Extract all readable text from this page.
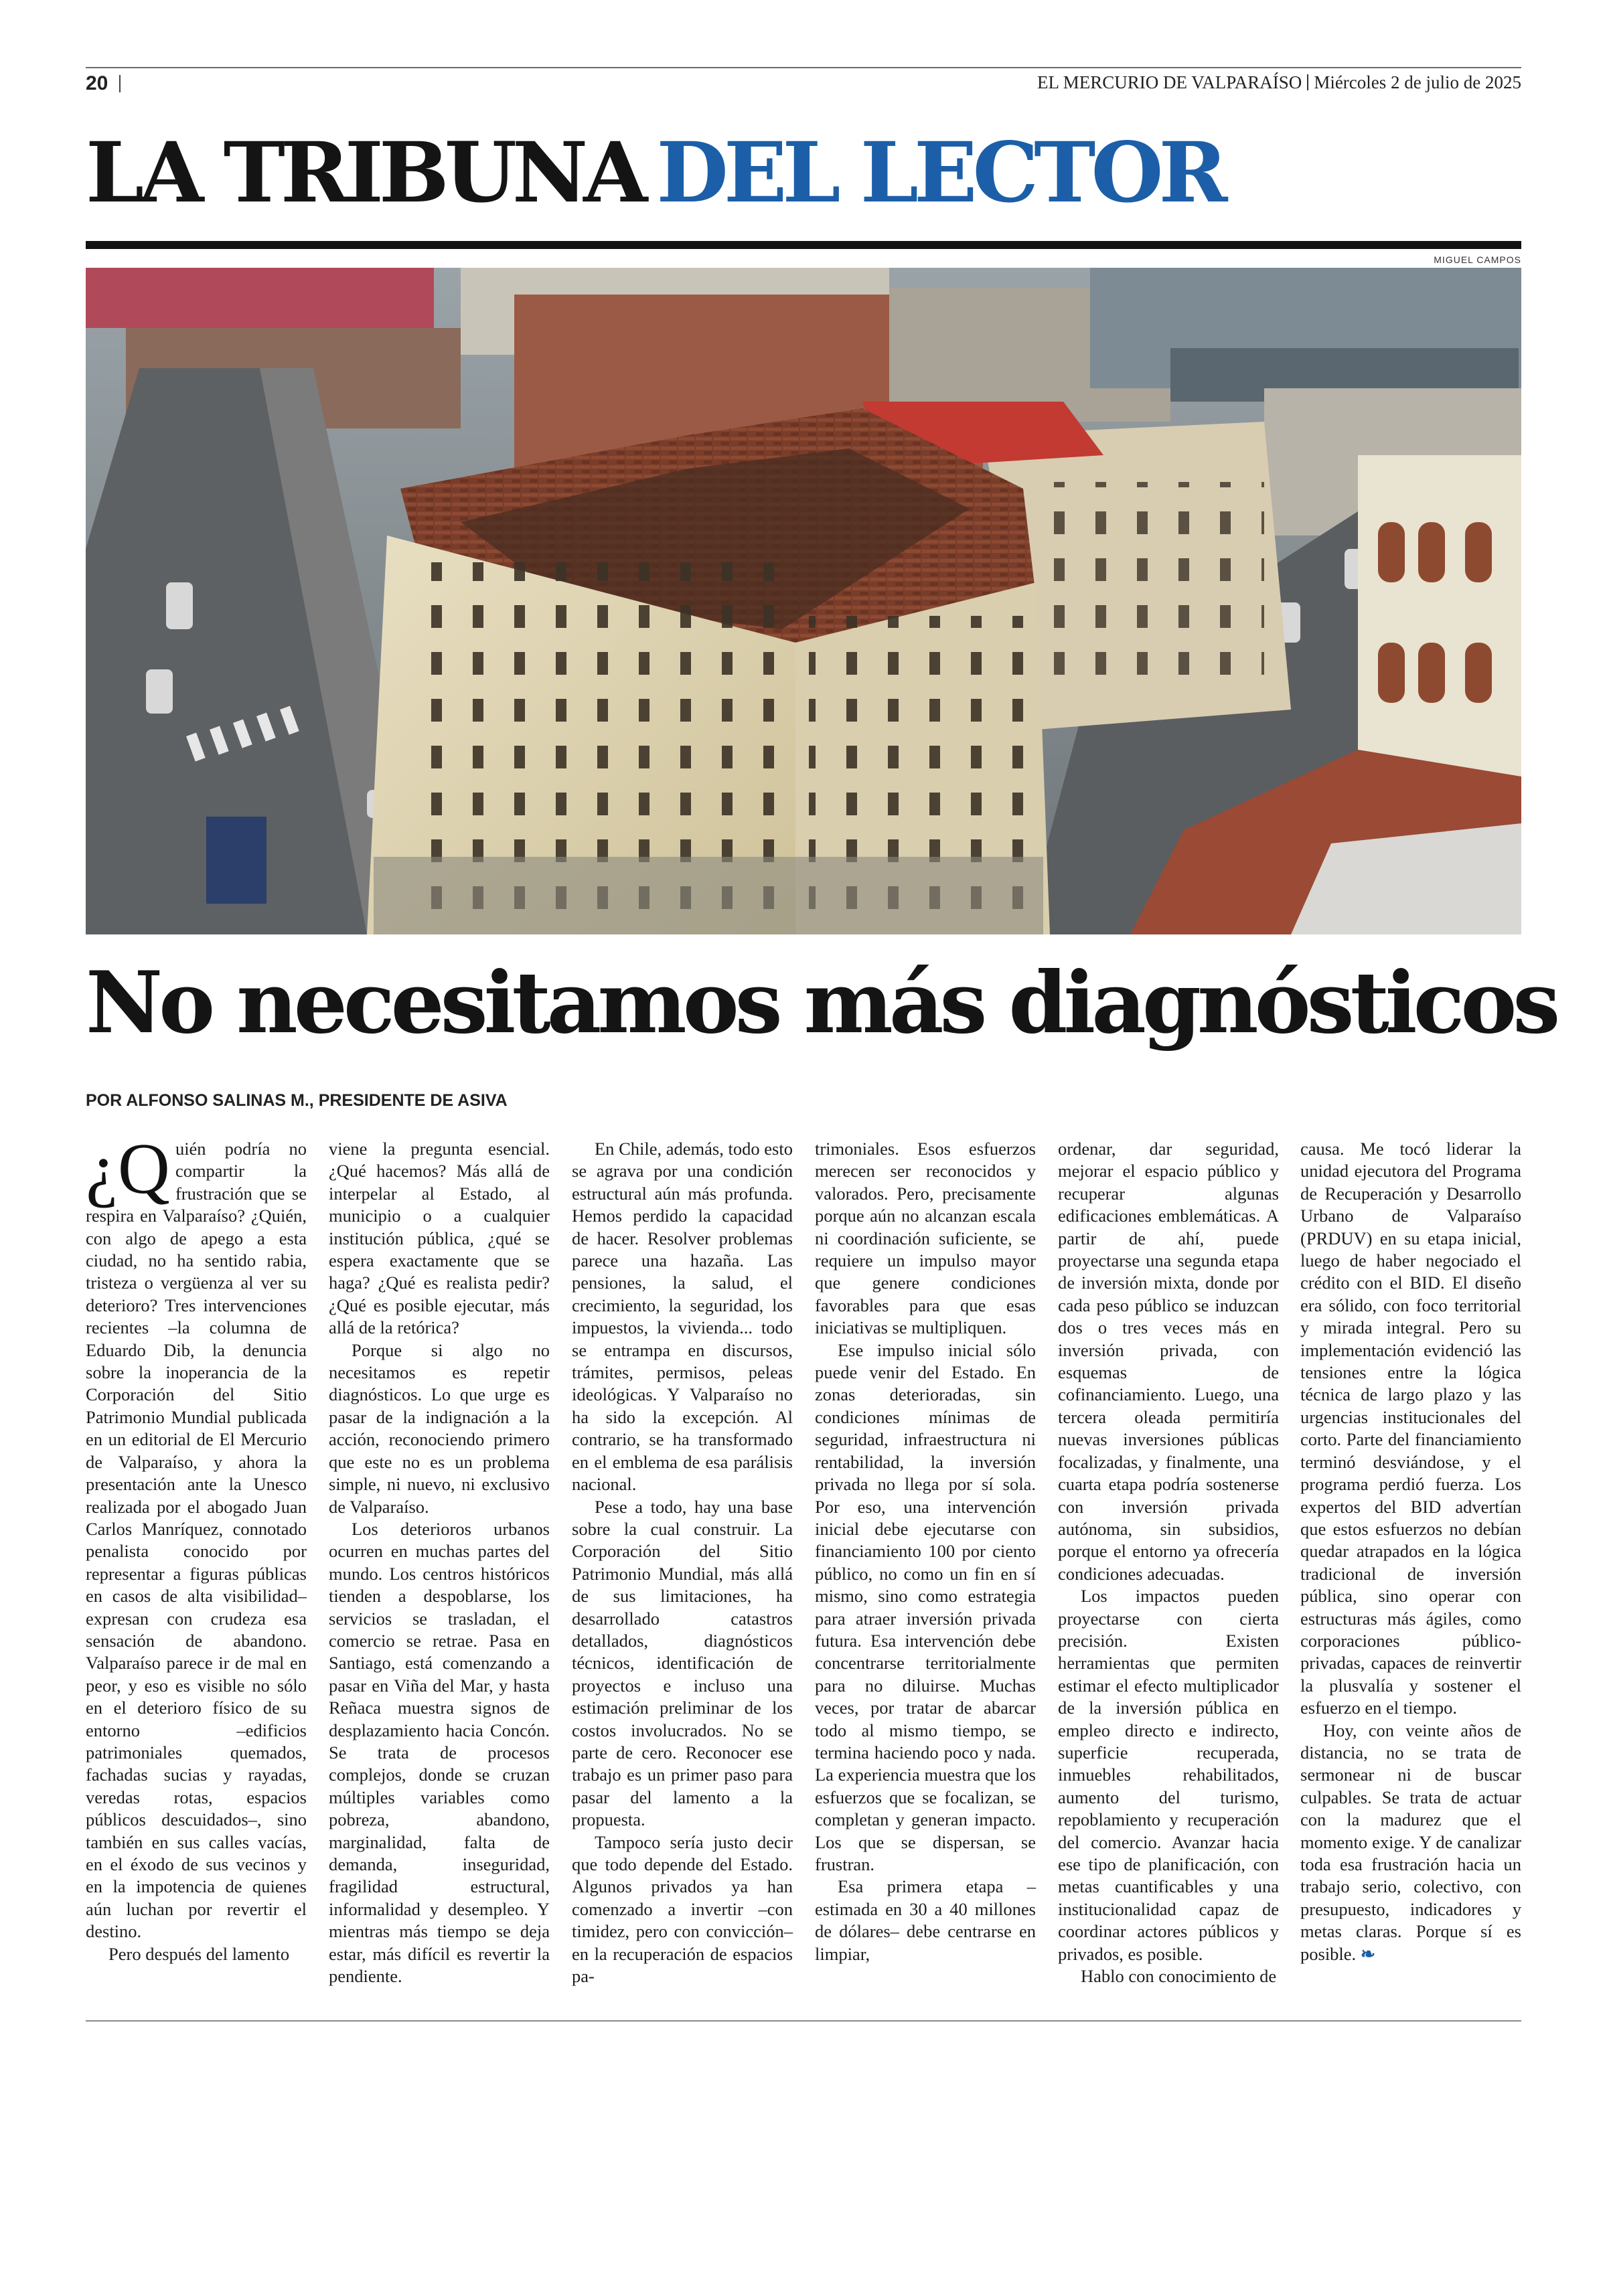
20	EL MERCURIO DE VALPARAÍSO Miércoles 2 de julio de 2025
LA TRIBUNA DEL LECTOR
MIGUEL CAMPOS
No necesitamos más diagnósticos
POR ALFONSO SALINAS M., PRESIDENTE DE ASIVA

¿Q uién podría no compartir la frustración que se respira en Valparaíso? ¿Quién, con algo de apego a esta ciudad, no ha sentido rabia, tristeza o vergüenza al ver su deterioro? Tres intervenciones recientes –la columna de Eduardo Dib, la denuncia sobre la inoperancia de la Corporación del Sitio Patrimonio Mundial publicada en un editorial de El Mercurio de Valparaíso, y ahora la presentación ante la Unesco realizada por el abogado Juan Carlos Manríquez, connotado penalista conocido por representar a figuras públicas en casos de alta visibilidad– expresan con crudeza esa sensación de abandono. Valparaíso parece ir de mal en peor, y eso es visible no sólo en el deterioro físico de su entorno –edificios patrimoniales quemados, fachadas sucias y rayadas, veredas rotas, espacios públicos descuidados–, sino también en sus calles vacías, en el éxodo de sus vecinos y en la impotencia de quienes aún luchan por revertir el destino.

Pero después del lamento

viene la pregunta esencial. ¿Qué hacemos? Más allá de interpelar al Estado, al municipio o a cualquier institución pública, ¿qué se espera exactamente que se haga? ¿Qué es realista pedir? ¿Qué es posible ejecutar, más allá de la retórica?

Porque si algo no necesitamos es repetir diagnósticos. Lo que urge es pasar de la indignación a la acción, reconociendo primero que este no es un problema simple, ni nuevo, ni exclusivo de Valparaíso.

Los deterioros urbanos ocurren en muchas partes del mundo. Los centros históricos tienden a despoblarse, los servicios se trasladan, el comercio se retrae. Pasa en Santiago, está comenzando a pasar en Viña del Mar, y hasta Reñaca muestra signos de desplazamiento hacia Concón. Se trata de procesos complejos, donde se cruzan múltiples variables como pobreza, abandono, marginalidad, falta de demanda, inseguridad, fragilidad estructural, informalidad y desempleo. Y mientras más tiempo se deja estar, más difícil es revertir la pendiente.

En Chile, además, todo esto se agrava por una condición estructural aún más profunda. Hemos perdido la capacidad de hacer. Resolver problemas parece una hazaña. Las pensiones, la salud, el crecimiento, la seguridad, los impuestos, la vivienda... todo se entrampa en discursos, trámites, permisos, peleas ideológicas. Y Valparaíso no ha sido la excepción. Al contrario, se ha transformado en el emblema de esa parálisis nacional.

Pese a todo, hay una base sobre la cual construir. La Corporación del Sitio Patrimonio Mundial, más allá de sus limitaciones, ha desarrollado catastros detallados, diagnósticos técnicos, identificación de proyectos e incluso una estimación preliminar de los costos involucrados. No se parte de cero. Reconocer ese trabajo es un primer paso para pasar del lamento a la propuesta.

Tampoco sería justo decir que todo depende del Estado. Algunos privados ya han comenzado a invertir –con timidez, pero con convicción– en la recuperación de espacios pa-

trimoniales. Esos esfuerzos merecen ser reconocidos y valorados. Pero, precisamente porque aún no alcanzan escala ni coordinación suficiente, se requiere un impulso mayor que genere condiciones favorables para que esas iniciativas se multipliquen.

Ese impulso inicial sólo puede venir del Estado. En zonas deterioradas, sin condiciones mínimas de seguridad, infraestructura ni rentabilidad, la inversión privada no llega por sí sola. Por eso, una intervención inicial debe ejecutarse con financiamiento 100 por ciento público, no como un fin en sí mismo, sino como estrategia para atraer inversión privada futura. Esa intervención debe concentrarse territorialmente para no diluirse. Muchas veces, por tratar de abarcar todo al mismo tiempo, se termina haciendo poco y nada. La experiencia muestra que los esfuerzos que se focalizan, se completan y generan impacto. Los que se dispersan, se frustran.

Esa primera etapa –estimada en 30 a 40 millones de dólares– debe centrarse en limpiar,

ordenar, dar seguridad, mejorar el espacio público y recuperar algunas edificaciones emblemáticas. A partir de ahí, puede proyectarse una segunda etapa de inversión mixta, donde por cada peso público se induzcan dos o tres veces más en inversión privada, con esquemas de cofinanciamiento. Luego, una tercera oleada permitiría nuevas inversiones públicas focalizadas, y finalmente, una cuarta etapa podría sostenerse con inversión privada autónoma, sin subsidios, porque el entorno ya ofrecería condiciones adecuadas.

Los impactos pueden proyectarse con cierta precisión. Existen herramientas que permiten estimar el efecto multiplicador de la inversión pública en empleo directo e indirecto, superficie recuperada, inmuebles rehabilitados, aumento del turismo, repoblamiento y recuperación del comercio. Avanzar hacia ese tipo de planificación, con metas cuantificables y una institucionalidad capaz de coordinar actores públicos y privados, es posible.

Hablo con conocimiento de

causa. Me tocó liderar la unidad ejecutora del Programa de Recuperación y Desarrollo Urbano de Valparaíso (PRDUV) en su etapa inicial, luego de haber negociado el crédito con el BID. El diseño era sólido, con foco territorial y mirada integral. Pero su implementación evidenció las tensiones entre la lógica técnica de largo plazo y las urgencias institucionales del corto. Parte del financiamiento terminó desviándose, y el programa perdió fuerza. Los expertos del BID advertían que estos esfuerzos no debían quedar atrapados en la lógica tradicional de inversión pública, sino operar con estructuras más ágiles, como corporaciones público-privadas, capaces de reinvertir la plusvalía y sostener el esfuerzo en el tiempo.

Hoy, con veinte años de distancia, no se trata de sermonear ni de buscar culpables. Se trata de actuar con la madurez que el momento exige. Y de canalizar toda esa frustración hacia un trabajo serio, colectivo, con presupuesto, indicadores y metas claras. Porque sí es posible. ❧
